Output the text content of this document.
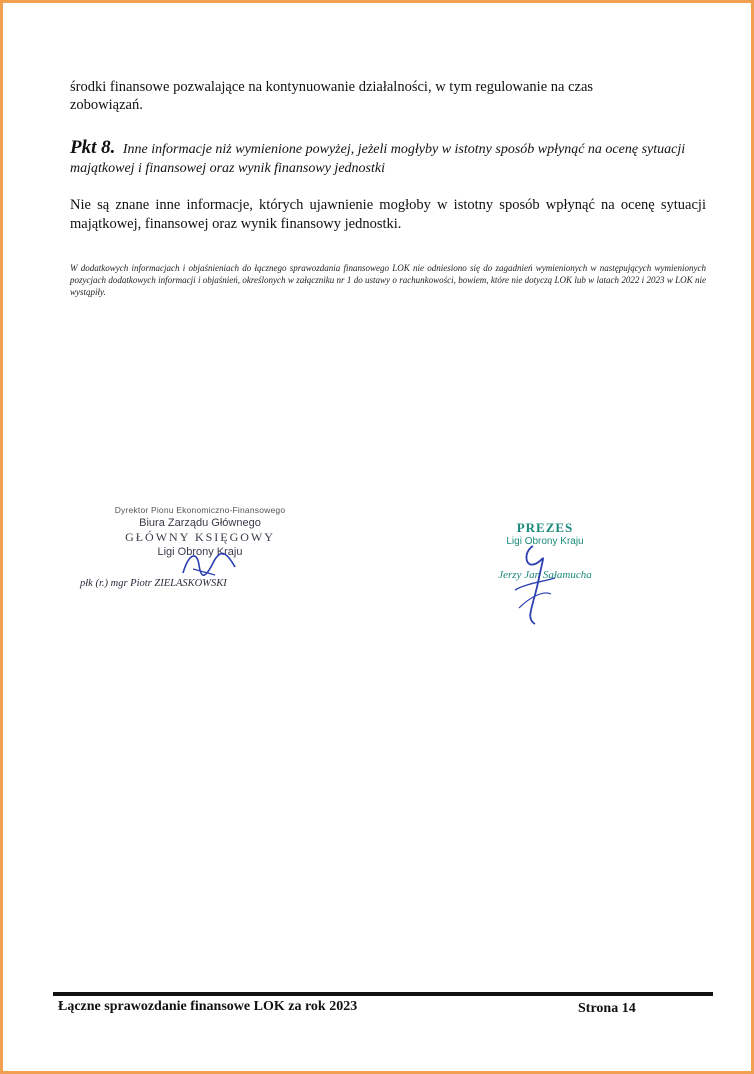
środki finansowe pozwalające na kontynuowanie działalności, w tym regulowanie na czas
zobowiązań.

Pkt 8. Inne informacje niż wymienione powyżej, jeżeli mogłyby w istotny sposób wpłynąć na ocenę sytuacji majątkowej i finansowej oraz wynik finansowy jednostki

Nie są znane inne informacje, których ujawnienie mogłoby w istotny sposób wpłynąć na ocenę sytuacji majątkowej, finansowej oraz wynik finansowy jednostki.

W dodatkowych informacjach i objaśnieniach do łącznego sprawozdania finansowego LOK nie odniesiono się do zagadnień wymienionych w następujących wymienionych pozycjach dodatkowych informacji i objaśnień, określonych w załączniku nr 1 do ustawy o rachunkowości, bowiem, które nie dotyczą LOK lub w latach 2022 i 2023 w LOK nie wystąpiły.

Dyrektor Pionu Ekonomiczno-Finansowego
Biura Zarządu Głównego
GŁÓWNY KSIĘGOWY
Ligi Obrony Kraju
płk (r.) mgr Piotr ZIELASKOWSKI
PREZES
Ligi Obrony Kraju
Jerzy Jan Sałamucha

Łączne sprawozdanie finansowe LOK za rok 2023	Strona 14
